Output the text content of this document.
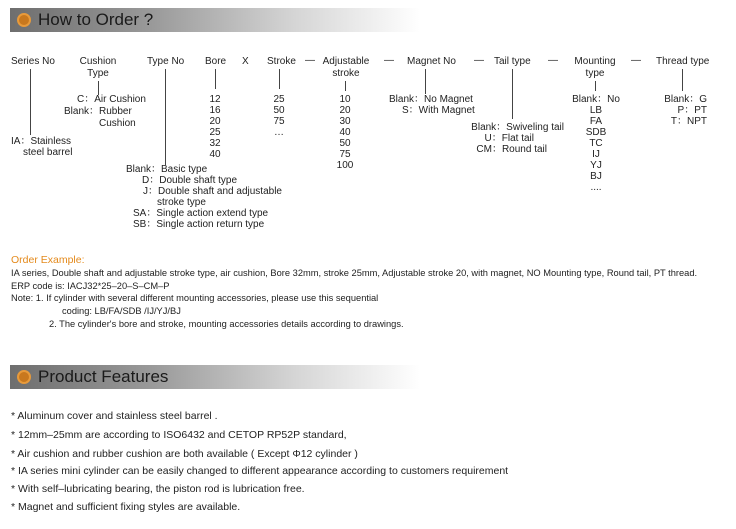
How to Order ?
Series No	Cushion
Type
Type No Bore X Stroke — Adjustable
stroke
— Magnet No — Tail type —	Mounting
type
— Thread type
IA：Stainless
steel barrel
C：Air Cushion
Blank：Rubber
Cushion
Blank：Basic type
D：Double shaft type
J：Double shaft and adjustable
stroke type
SA：Single action extend type
SB：Single action return type
12
16
20
25
32
40
25
50
75
…
10
20
30
40
50
75
100
Blank：No Magnet
S：With Magnet
Blank：Swiveling tail
U：Flat tail
CM：Round tail
Blank：No
LB
FA
SDB
TC
IJ
YJ
BJ
....
Blank：G
P：PT
T：NPT
Order Example:
IA series, Double shaft and adjustable stroke type, air cushion, Bore 32mm, stroke 25mm, Adjustable stroke 20, with magnet, NO Mounting type, Round tail, PT thread.
ERP code is: IACJ32*25–20–S–CM–P
Note: 1. If cylinder with several different mounting accessories, please use this sequential
coding: LB/FA/SDB /IJ/YJ/BJ
2. The cylinder's bore and stroke, mounting accessories details according to drawings.
Product Features
* Aluminum cover and stainless steel barrel .
* 12mm–25mm are according to ISO6432 and CETOP RP52P standard,
* Air cushion and rubber cushion are both available ( Except Φ12 cylinder )
* IA series mini cylinder can be easily changed to different appearance according to customers requirement
* With self–lubricating bearing, the piston rod is lubrication free.
* Magnet and sufficient fixing styles are available.
